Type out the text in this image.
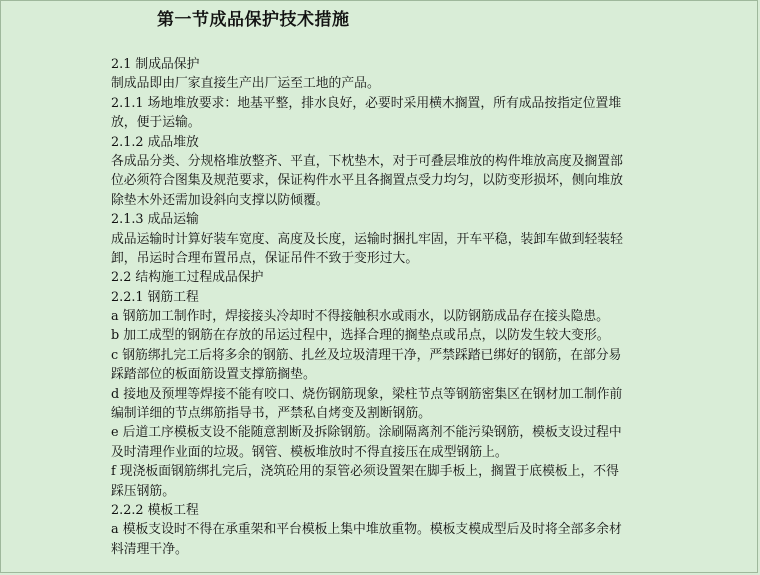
第一节成品保护技术措施
2.1 制成品保护
制成品即由厂家直接生产出厂运至工地的产品。
2.1.1 场地堆放要求：地基平整，排水良好，必要时采用横木搁置，所有成品按指定位置堆
放，便于运输。
2.1.2 成品堆放
各成品分类、分规格堆放整齐、平直，下枕垫木，对于可叠层堆放的构件堆放高度及搁置部
位必须符合图集及规范要求，保证构件水平且各搁置点受力均匀，以防变形损坏，侧向堆放
除垫木外还需加设斜向支撑以防倾覆。
2.1.3 成品运输
成品运输时计算好装车宽度、高度及长度，运输时捆扎牢固，开车平稳，装卸车做到轻装轻
卸，吊运时合理布置吊点，保证吊件不致于变形过大。
2.2 结构施工过程成品保护
2.2.1 钢筋工程
a 钢筋加工制作时，焊接接头冷却时不得接触积水或雨水，以防钢筋成品存在接头隐患。
b 加工成型的钢筋在存放的吊运过程中，选择合理的搁垫点或吊点，以防发生较大变形。
c 钢筋绑扎完工后将多余的钢筋、扎丝及垃圾清理干净，严禁踩踏已绑好的钢筋，在部分易
踩踏部位的板面筋设置支撑筋搁垫。
d 接地及预埋等焊接不能有咬口、烧伤钢筋现象，梁柱节点等钢筋密集区在钢材加工制作前
编制详细的节点绑筋指导书，严禁私自烤变及割断钢筋。
e 后道工序模板支设不能随意割断及拆除钢筋。涂刷隔离剂不能污染钢筋，模板支设过程中
及时清理作业面的垃圾。钢管、模板堆放时不得直接压在成型钢筋上。
f 现浇板面钢筋绑扎完后，浇筑砼用的泵管必须设置架在脚手板上，搁置于底模板上，不得
踩压钢筋。
2.2.2 模板工程
a 模板支设时不得在承重架和平台模板上集中堆放重物。模板支模成型后及时将全部多余材
料清理干净。
